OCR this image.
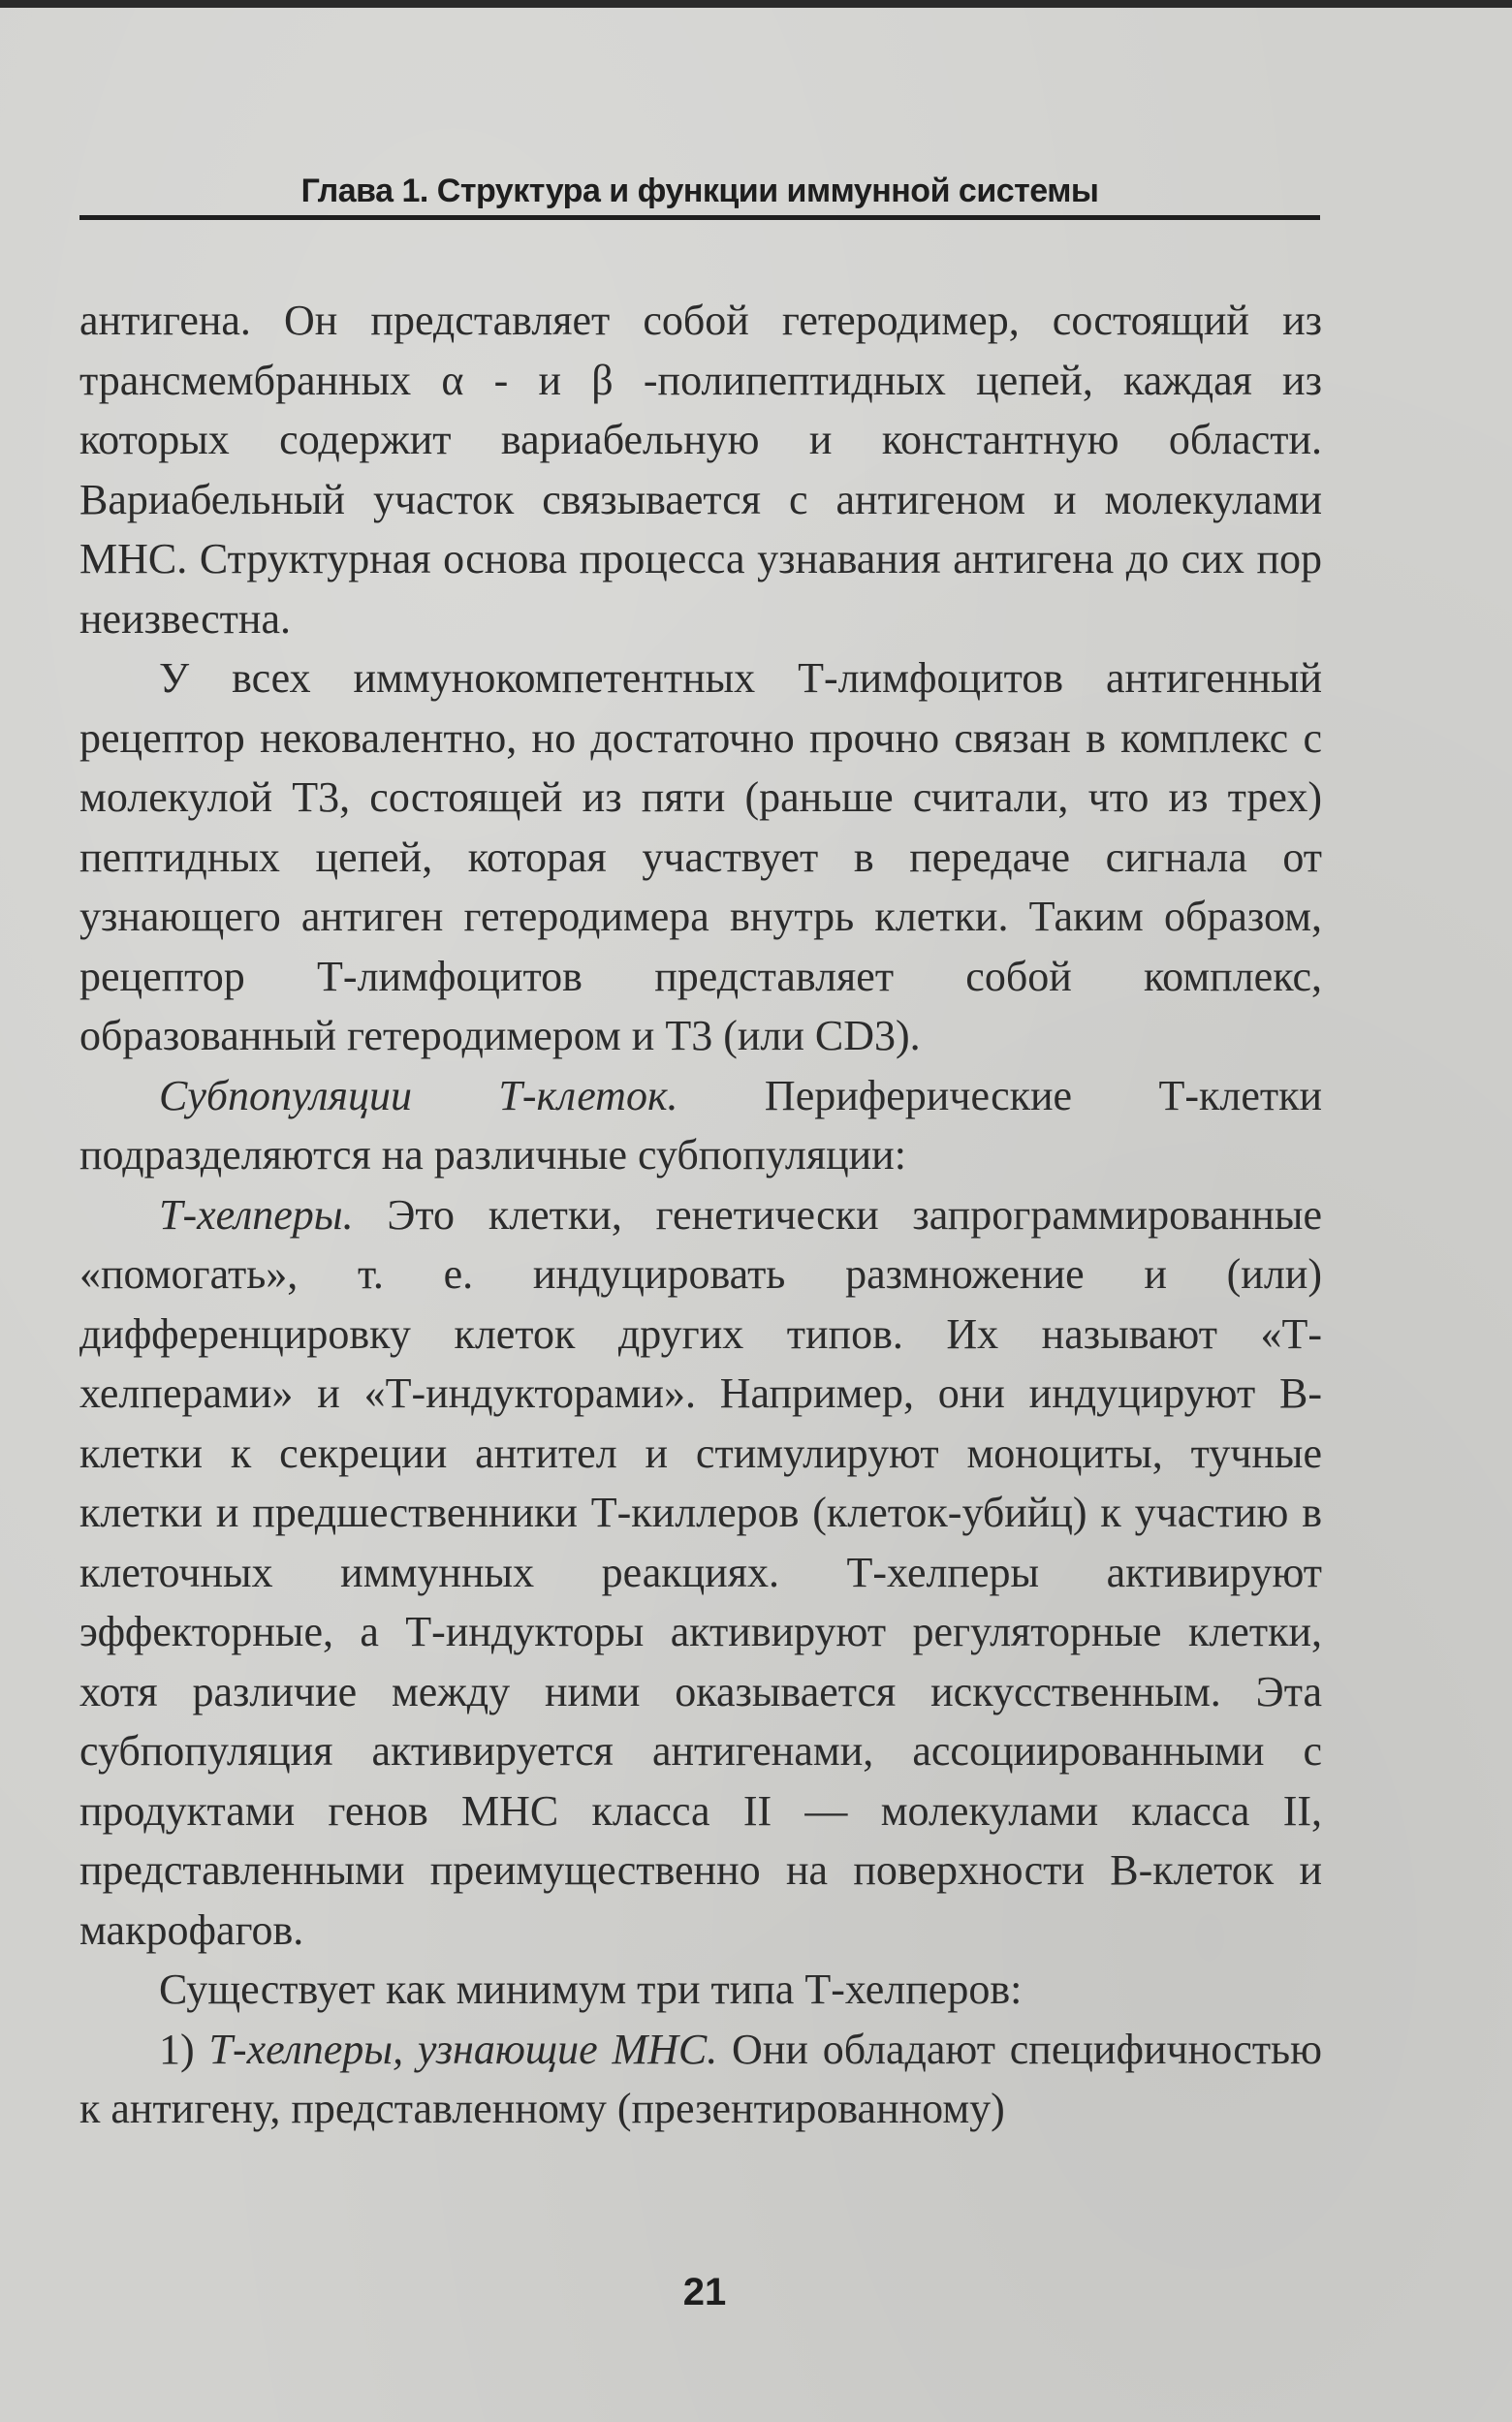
Глава 1. Структура и функции иммунной системы

антигена. Он представляет собой гетеродимер, состоящий из трансмембранных α - и β -полипептидных цепей, каждая из которых содержит вариабельную и константную области. Вариабельный участок связывается с антигеном и молекулами МНС. Структурная основа процесса узнавания антигена до сих пор неизвестна.

У всех иммунокомпетентных Т-лимфоцитов антигенный рецептор нековалентно, но достаточно прочно связан в комплекс с молекулой Т3, состоящей из пяти (раньше считали, что из трех) пептидных цепей, которая участвует в передаче сигнала от узнающего антиген гетеродимера внутрь клетки. Таким образом, рецептор Т-лимфоцитов представляет собой комплекс, образованный гетеродимером и Т3 (или CD3).

Субпопуляции Т-клеток. Периферические Т-клетки подразделяются на различные субпопуляции:

Т-хелперы. Это клетки, генетически запрограммированные «помогать», т. е. индуцировать размножение и (или) дифференцировку клеток других типов. Их называют «Т-хелперами» и «Т-индукторами». Например, они индуцируют В-клетки к секреции антител и стимулируют моноциты, тучные клетки и предшественники Т-киллеров (клеток-убийц) к участию в клеточных иммунных реакциях. Т-хелперы активируют эффекторные, а Т-индукторы активируют регуляторные клетки, хотя различие между ними оказывается искусственным. Эта субпопуляция активируется антигенами, ассоциированными с продуктами генов МНС класса II — молекулами класса II, представленными преимущественно на поверхности В-клеток и макрофагов.

Существует как минимум три типа Т-хелперов:

1) Т-хелперы, узнающие МНС. Они обладают специфичностью к антигену, представленному (презентированному)

21
